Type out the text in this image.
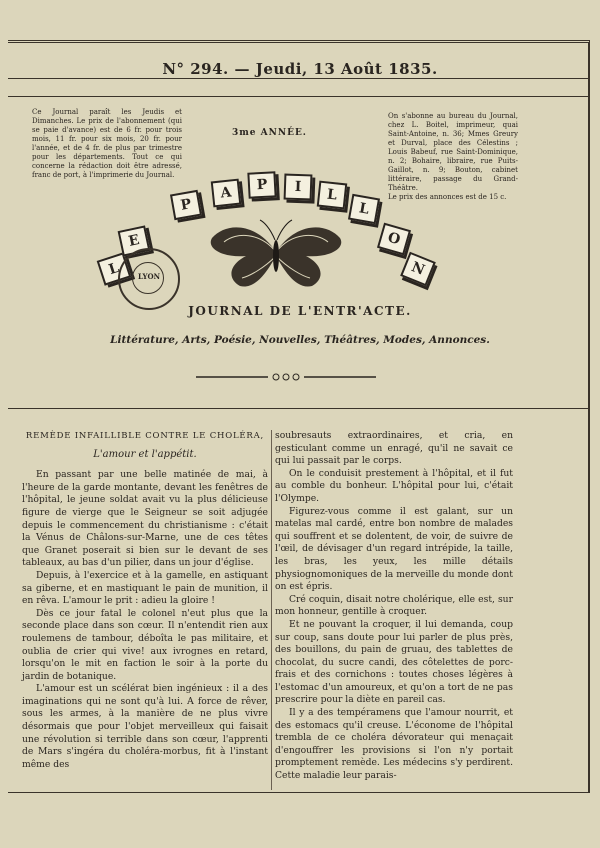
N° 294. — Jeudi, 13 Août 1835.
Ce Journal paraît les Jeudis et Dimanches. Le prix de l'abonnement (qui se paie d'avance) est de 6 fr. pour trois mois, 11 fr. pour six mois, 20 fr. pour l'année, et de 4 fr. de plus par trimestre pour les départements. Tout ce qui concerne la rédaction doit être adressé, franc de port, à l'imprimerie du Journal.
3me ANNÉE.
On s'abonne au bureau du Journal, chez L. Boitel, imprimeur, quai Saint-Antoine, n. 36; Mmes Greury et Durval, place des Célestins ; Louis Babeuf, rue Saint-Dominique, n. 2; Bohaire, libraire, rue Puits-Gaillot, n. 9; Bouton, cabinet littéraire, passage du Grand-Théâtre.
Le prix des annonces est de 15 c.
L
E
P
A	P	I	L
L
O
N
LYON
JOURNAL DE L'ENTR'ACTE.
Littérature, Arts, Poésie, Nouvelles, Théâtres, Modes, Annonces.
REMÈDE INFAILLIBLE CONTRE LE CHOLÉRA,
L'amour et l'appétit.

En passant par une belle matinée de mai, à l'heure de la garde montante, devant les fenêtres de l'hôpital, le jeune soldat avait vu la plus délicieuse figure de vierge que le Seigneur se soit adjugée depuis le commencement du christianisme : c'était la Vénus de Châlons-sur-Marne, une de ces têtes que Granet poserait si bien sur le devant de ses tableaux, au bas d'un pilier, dans un jour d'église.

Depuis, à l'exercice et à la gamelle, en astiquant sa giberne, et en mastiquant le pain de munition, il en rêva. L'amour le prit : adieu la gloire !

Dès ce jour fatal le colonel n'eut plus que la seconde place dans son cœur. Il n'entendit rien aux roulemens de tambour, déboîta le pas militaire, et oublia de crier qui vive! aux ivrognes en retard, lorsqu'on le mit en faction le soir à la porte du jardin de botanique.

L'amour est un scélérat bien ingénieux : il a des imaginations qui ne sont qu'à lui. A force de rêver, sous les armes, à la manière de ne plus vivre désormais que pour l'objet merveilleux qui faisait une révolution si terrible dans son cœur, l'apprenti de Mars s'ingéra du choléra-morbus, fit à l'instant même des

soubresauts extraordinaires, et cria, en gesticulant comme un enragé, qu'il ne savait ce qui lui passait par le corps.

On le conduisit prestement à l'hôpital, et il fut au comble du bonheur. L'hôpital pour lui, c'était l'Olympe.

Figurez-vous comme il est galant, sur un matelas mal cardé, entre bon nombre de malades qui souffrent et se dolentent, de voir, de suivre de l'œil, de dévisager d'un regard intrépide, la taille, les bras, les yeux, les mille détails physiognomoniques de la merveille du monde dont on est épris.

Cré coquin, disait notre cholérique, elle est, sur mon honneur, gentille à croquer.

Et ne pouvant la croquer, il lui demanda, coup sur coup, sans doute pour lui parler de plus près, des bouillons, du pain de gruau, des tablettes de chocolat, du sucre candi, des côtelettes de porc-frais et des cornichons : toutes choses légères à l'estomac d'un amoureux, et qu'on a tort de ne pas prescrire pour la diète en pareil cas.

Il y a des tempéramens que l'amour nourrit, et des estomacs qu'il creuse. L'économe de l'hôpital trembla de ce choléra dévorateur qui menaçait d'engouffrer les provisions si l'on n'y portait promptement remède. Les médecins s'y perdirent. Cette maladie leur parais-
